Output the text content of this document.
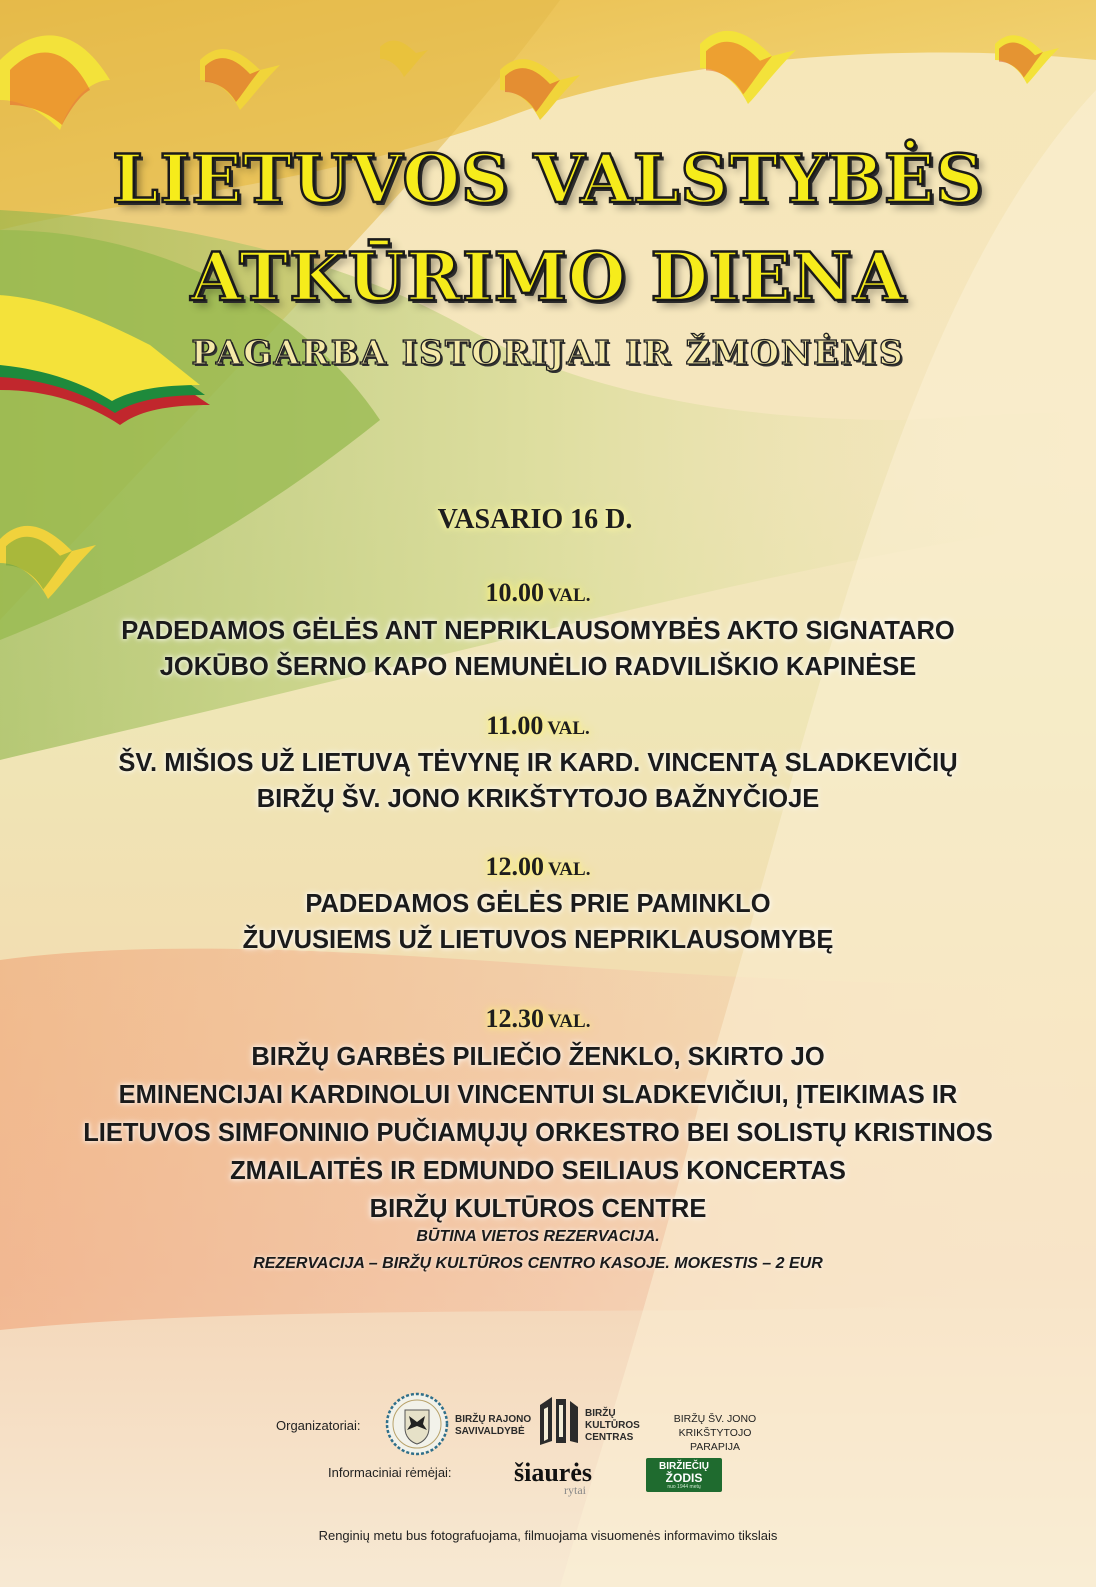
LIETUVOS VALSTYBĖS
ATKŪRIMO DIENA
PAGARBA ISTORIJAI IR ŽMONĖMS
VASARIO 16 D.
10.00 VAL.
PADEDAMOS GĖLĖS ANT NEPRIKLAUSOMYBĖS AKTO SIGNATARO
JOKŪBO ŠERNO KAPO NEMUNĖLIO RADVILIŠKIO KAPINĖSE
11.00 VAL.
ŠV. MIŠIOS UŽ LIETUVĄ TĖVYNĘ IR KARD. VINCENTĄ SLADKEVIČIŲ
BIRŽŲ ŠV. JONO KRIKŠTYTOJO BAŽNYČIOJE
12.00 VAL.
PADEDAMOS GĖLĖS PRIE PAMINKLO
ŽUVUSIEMS UŽ LIETUVOS NEPRIKLAUSOMYBĘ
12.30 VAL.
BIRŽŲ GARBĖS PILIEČIO ŽENKLO, SKIRTO JO
EMINENCIJAI KARDINOLUI VINCENTUI SLADKEVIČIUI, ĮTEIKIMAS IR
LIETUVOS SIMFONINIO PUČIAMŲJŲ ORKESTRO BEI SOLISTŲ KRISTINOS
ZMAILAITĖS IR EDMUNDO SEILIAUS KONCERTAS
BIRŽŲ KULTŪROS CENTRE
BŪTINA VIETOS REZERVACIJA.
REZERVACIJA – BIRŽŲ KULTŪROS CENTRO KASOJE. MOKESTIS – 2 EUR
Organizatoriai:	BIRŽŲ RAJONO
SAVIVALDYBĖ
BIRŽŲ
KULTŪROS
CENTRAS
BIRŽŲ ŠV. JONO
KRIKŠTYTOJO PARAPIJA
Informaciniai rėmėjai: šiaurės
rytai
BIRŽIEČIŲ
ŽODIS
nuo 1944 metų
Renginių metu bus fotografuojama, filmuojama visuomenės informavimo tikslais
